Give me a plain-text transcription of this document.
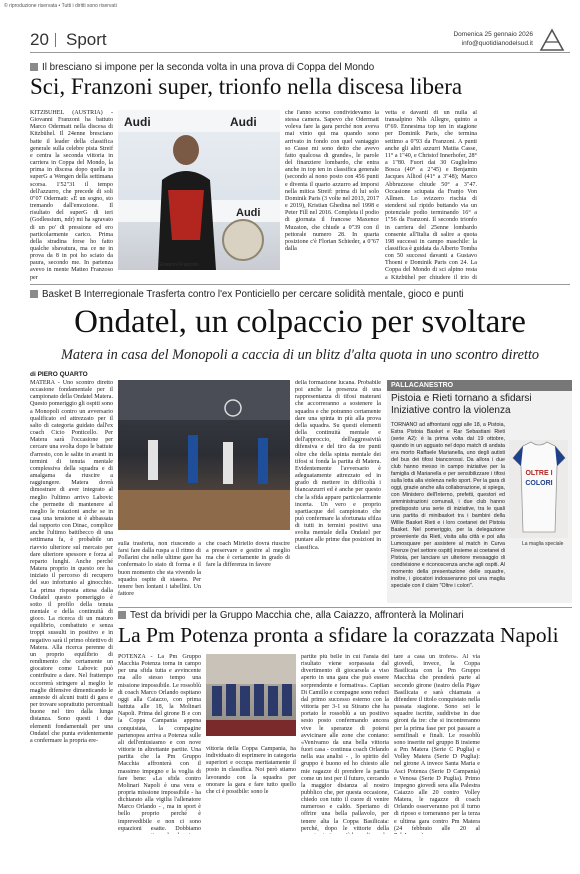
© riproduzione riservata • Tutti i diritti sono riservati
20 Sport	Domenica 25 gennaio 2026
info@quotidianodelsud.it
Il bresciano si impone per la seconda volta in una prova di Coppa del Mondo
Sci, Franzoni super, trionfo nella discesa libera
KITZBUHEL (AUSTRIA) - Giovanni Franzoni ha battuto Marco Odermatt nella discesa di Kitzbühel. Il 24enne bresciano batte il leader della classifica generale sulla celebre pista Streif e centra la seconda vittoria in carriera in Coppa del Mondo, la prima in discesa dopo quella in superG a Wengen della settimana scorsa. 1'52"31 il tempo dell'azzurro, che precede di soli 0"07 Odermatt: «È un sogno, sto tremando dall'emozione. Il risultato del superG di ieri (Godlessium, ndr) mi ha sgravato di un po' di pressione ed ero particolarmente carico. Prima della stradina forse ho fatto qualche sbavatura, ma ce ne in prova da 8 in poi ho sciato da paura, secondo me. In partenza avevo in mente Matteo Franzoso per
Audi	Audi
Audi
Giovanni Franzoni
che l'anno scorso condividevamo la stessa camera. Sapevo che Odermatt voleva fare la gara perché non aveva mai vinto qui ma quando sono arrivato in fondo con quel vantaggio so Casse mi sono detto che avevo fatto qualcosa di grande», le parole del finanziere lombardo, che entra anche in top ten in classifica generale (secondo al nono posto con 456 punti e diventa il quarto azzurro ad imporsi nella mitica Streif: prima di lui solo Dominik Paris (3 volte nel 2013, 2017 e 2019), Kristian Ghedina nel 1998 e Peter Fill nel 2016. Completa il podio di giornata il francese Maxence Muzaton, che chiude a 0"39 con il pettorale numero 28. In quarta posizione c'è Florian Schieder, a 0"67 dalla
vetta e davanti di un nulla al transalpino Nils Allegre, quinto a 0"69. Ennesima top ten in stagione per Dominik Paris, che termina settimo a 0"93 da Franzoni. A punti anche gli altri azzurri Mattia Casse, 11° a 1"40, e Christof Innerhofer, 28° a 1"80. Fuori dai 30 Guglielmo Bosca (40° a 2"45) e Benjamin Jacques Alliod (41° a 3"48); Marco Abbruzzese chiude 50° a 3"47. Occasione sciupata da Franjo Von Allmen. Lo svizzero rischia di stendersi sul ripido buttando via un potenziale podio terminando 16° a 1"56 da Franzoni. Il secondo trionfo in carriera del 25enne lombardo consente all'Italia di salire a quota 198 successi in campo maschile: la classifica è guidata da Alberto Tomba con 50 successi davanti a Gustavo Thoeni e Dominik Paris con 24. La Coppa del Mondo di sci alpino resta a Kitzbühel per chiudere il trio di
Basket B Interregionale Trasferta contro l'ex Ponticiello per cercare solidità mentale, gioco e punti
Ondatel, un colpaccio per svoltare
Matera in casa del Monopoli a caccia di un blitz d'alta quota in uno scontro diretto
di PIERO QUARTO
MATERA - Uno scontro diretto occasione fondamentale per il campionato della Ondatel Matera. Questo pomeriggio gli ospiti sono a Monopoli contro un avversario qualificato ed attrezzato per il salto di categoria guidato dall'ex coach Cicio Ponticello. Per Matera sarà l'occasione per cercare una svolta dopo le battute d'arresto, con le salite in avanti in termini di tenuta mentale complessiva della squadra e di amalgama da riuscire a raggiungere. Matera dovrà dimostrare di aver integrato al meglio l'ultimo arrivo Labovic che permette di mantenere al meglio le rotazioni anche se in casa una tensione si è abbassata dal rapporto con Dinac, complice anche l'ultimo battibecco di una settimana fa, è probabile un riavvio ulteriore sul mercato per dare ulteriore spessore e forza al reparto lunghi. Anche perché Matera proprio in questo ore ha iniziato il percorso di recupero del suo infortunio al ginocchio. La prima risposta attesa dalla Ondatel questo pomeriggio è sotto il profilo della tenuta mentale e della continuità di gioco. La ricerca di un maturo equilibrio, combattuto e senza troppi sussulti in positivo e in negativo sarà il primo obiettivo di Matera. Alla ricerca perenne di un proprio equilibrio di rendimento che certamente un giocatore come Labovic può contribuire a dare. Nel frattempo occorrerà stringere al meglio le maglie difensive dimenticando le amnesie di alcuni tratti di gara e per trovare soprattutto percentuali buone nel tiro dalla lunga distanza. Sono questi i due elementi fondamentali per una Ondatel che punta evidentemente a confermare la propria ere-
sulla trasferta, non riuscendo a farsi fare dalla ruspa a il ritmo di Pollarini che nelle ultime gare ha confermato lo stato di forma e il buon momento che sta vivendo la squadra ospite di stasera. Per tenere ben lontani i tabellini. Un fattore
che coach Miriello dovrà riuscire a preservare e gestire al meglio ma che è certamente in grado di fare la differenza in favore
della formazione lucana. Probabile poi anche la presenza di una rappresentanza di tifosi materani che accorreranno a sostenere la squadra e che potranno certamente dare una spinta in più alla prova della squadra. Su questi elementi della continuità mentale e dell'approccio, dell'aggressività difensiva e del tiro da tre punti oltre che della spinta mentale dei tifosi si fonda la partita di Matera. Evidentemente l'avversario è adeguatamente attrezzato ed in grado di mettere in difficoltà i biancazzurri ed è anche per questo che la sfida appare particolarmente incerta. Un vero e proprio spartiacque del campionato che può confermare la sfortunata sfilza di tutti in termini positivi una svolta mentale della Ondatel per puntare alle prime due posizioni in classifica.
PALLACANESTRO
Pistoia e Rieti tornano a sfidarsi Iniziative contro la violenza
TORNANO ad affrontarsi oggi alle 18, a Pistoia, Estra Pistoia Basket e Rar Sebastiani Rieti (serie A2): è la prima volta dal 19 ottobre, quando in un agguato nel dopo match di andata era morto Raffaele Marianella, uno degli autisti del bus dei tifosi biancorossi. Da allora i due club hanno messo in campo iniziative per la famiglia di Marianella e per sensibilizzare i tifosi sulla lotta alla violenza nello sport. Per la gara di oggi, grazie anche alla collaborazione, si spiega, con Ministero dell'Interno, prefetti, questori ed amministrazioni comunali, i due club hanno predisposto una serie di iniziative, tra le quali una partita di minibasket tra i bambini della Willie Basket Rieti e i loro coetanei del Pistoia Basket. Nel pomeriggio, per la delegazione proveniente da Rieti, visita alla città e poi alla Lumosquare per assistere al match in Curva Firenze (nel settore ospiti) insieme ai coetanei di Pistoia, per lanciare un ulteriore messaggio di condivisione e riconoscenza anche agli ospiti. Al momento della presentazione delle squadre, inoltre, i giocatori indosseranno poi una maglia speciale con il claim "Oltre i colori".
OLTRE I
COLORI
La maglia speciale
Test da brividi per la Gruppo Macchia che, alla Caiazzo, affronterà la Molinari
La Pm Potenza pronta a sfidare la corazzata Napoli
POTENZA - La Pm Gruppo Macchia Potenza torna in campo per una sfida tutta e avvincente ma allo stesso tempo una missione impossibile. Le rossoblù di coach Marco Orlando ospitano oggi alla Caiazzo, con prima battuta alle 18, la Molinari Napoli. Prima del girone B e con la Coppa Campania appena conquistata, la compagine partenopea arriva a Potenza sulle ali dell'entusiasmo e con nove vittorie in altrettante partite. Una partita che la Pm Gruppo Macchia affronterà con il massimo impegno e la voglia di fare bene: «La sfida contro Molinari Napoli è una vera e propria missione impossibile - ha dichiarato alla vigilia l'allenatore Marco Orlando - , ma in sport è bello proprio perché è imprevedibile e non ci sono equazioni esatte. Dobbiamo
vittoria della Coppa Campania, ha individuato di esprimere in categoria superiori e occupa meritatamente il posto in classifica. Noi però stiamo lavorando con la squadra per onorare la gara e fare tutto quello che ci è possibile: sono le
partite più belle in cui l'ansia del risultato viene sorpassata dal divertimento di giocarsela a viso aperto in una gara che può essere sorprendente e formativa». Capitan Di Camillo e compagne sono reduci dal primo successo esterno con la vittoria per 3-1 su Stirano che ha portato le rossoblù a un positivo sesto posto confermando ancora vive le speranze di potersi avvicinare alle zone che contano: «Venivamo da una bella vittoria fuori casa - continua coach Orlando nella sua analisi - , lo spirito del gruppo è buono ed ho chiesto alle mie ragazze di prendere la partita come un test per il futuro, cercando la maggior distanza al nostro pubblico che, per questa occasione, chiedo con tutto il cuore di venire numeroso e caldo. Speriamo di offrire una bella pallavolo, per tenere alta la Coppa Basilicata: perché, dopo le vittorie della
tare a casa un trofeo». Al via giovedì, invece, la Coppa Basilicata con la Pm Gruppo Macchia che prenderà parte al secondo girone (teatro della Pigav Basilicata e sarà chiamata a difendere il titolo conquistato nella passata stagione. Sono sei le squadre iscritte, suddivise in due gironi da tre: che si incontreranno per la prima fase per poi passare a semifinali e finali. Le rossoblù sono inserite nel gruppo B insieme a Pm Matera (Serie C Puglia) e Volley Matera (Serie D Puglia): nel girone A invece Santa Maria e Asci Potenza (Serie D Campania) e Venosa (Serie D Puglia). Primo impegno giovedì sera alla Palestra Caiazzo alle 20 contro Volley Matera, le ragazze di coach Orlando osserveranno poi il turno di riposo e torneranno per la terza e ultima gara contro Pm Matera (24 febbraio alle 20 al
